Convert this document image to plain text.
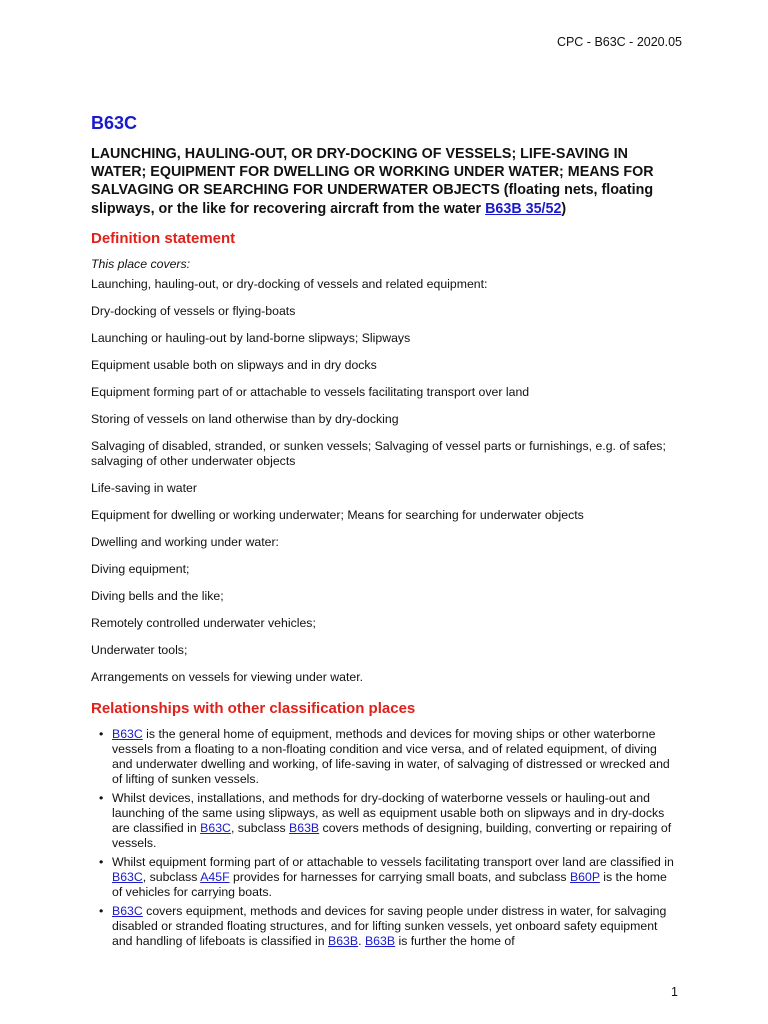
CPC - B63C - 2020.05
B63C

LAUNCHING, HAULING-OUT, OR DRY-DOCKING OF VESSELS; LIFE-SAVING IN WATER; EQUIPMENT FOR DWELLING OR WORKING UNDER WATER; MEANS FOR SALVAGING OR SEARCHING FOR UNDERWATER OBJECTS (floating nets, floating slipways, or the like for recovering aircraft from the water B63B 35/52)

Definition statement

This place covers:

Launching, hauling-out, or dry-docking of vessels and related equipment:

Dry-docking of vessels or flying-boats

Launching or hauling-out by land-borne slipways; Slipways

Equipment usable both on slipways and in dry docks

Equipment forming part of or attachable to vessels facilitating transport over land

Storing of vessels on land otherwise than by dry-docking

Salvaging of disabled, stranded, or sunken vessels; Salvaging of vessel parts or furnishings, e.g. of safes; salvaging of other underwater objects

Life-saving in water

Equipment for dwelling or working underwater; Means for searching for underwater objects

Dwelling and working under water:

Diving equipment;

Diving bells and the like;

Remotely controlled underwater vehicles;

Underwater tools;

Arrangements on vessels for viewing under water.

Relationships with other classification places
• B63C is the general home of equipment, methods and devices for moving ships or other waterborne vessels from a floating to a non-floating condition and vice versa, and of related equipment, of diving and underwater dwelling and working, of life-saving in water, of salvaging of distressed or wrecked and of lifting of sunken vessels.
• Whilst devices, installations, and methods for dry-docking of waterborne vessels or hauling-out and launching of the same using slipways, as well as equipment usable both on slipways and in dry-docks are classified in B63C, subclass B63B covers methods of designing, building, converting or repairing of vessels.
• Whilst equipment forming part of or attachable to vessels facilitating transport over land are classified in B63C, subclass A45F provides for harnesses for carrying small boats, and subclass B60P is the home of vehicles for carrying boats.
• B63C covers equipment, methods and devices for saving people under distress in water, for salvaging disabled or stranded floating structures, and for lifting sunken vessels, yet onboard safety equipment and handling of lifeboats is classified in B63B. B63B is further the home of
1
